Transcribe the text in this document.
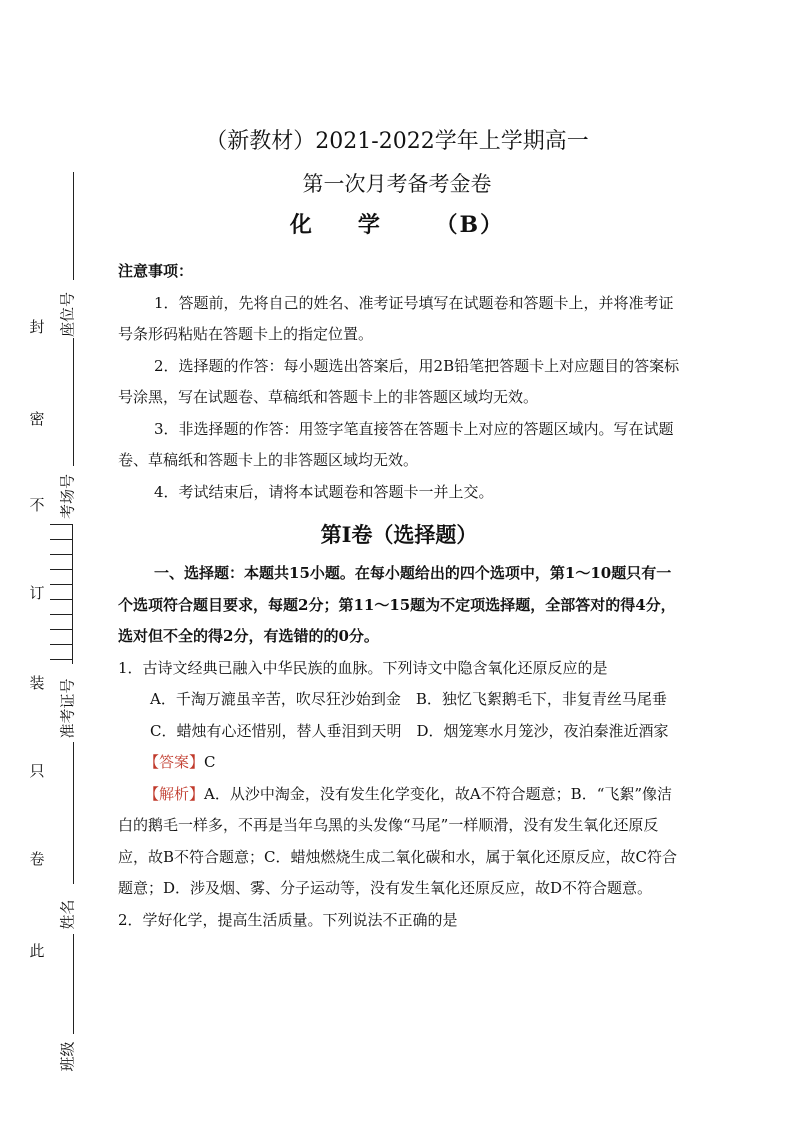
座位号
考场号
准考证号
姓名
班级
封
密
不
订
装
只
卷
此
（新教材）2021-2022学年上学期高一
第一次月考备考金卷
化 学 （B）

注意事项：

1．答题前，先将自己的姓名、准考证号填写在试题卷和答题卡上，并将准考证号条形码粘贴在答题卡上的指定位置。

2．选择题的作答：每小题选出答案后，用2B铅笔把答题卡上对应题目的答案标号涂黑，写在试题卷、草稿纸和答题卡上的非答题区域均无效。

3．非选择题的作答：用签字笔直接答在答题卡上对应的答题区域内。写在试题卷、草稿纸和答题卡上的非答题区域均无效。

4．考试结束后，请将本试题卷和答题卡一并上交。

第Ⅰ卷（选择题）

一、选择题：本题共15小题。在每小题给出的四个选项中，第1～10题只有一个选项符合题目要求，每题2分；第11～15题为不定项选择题，全部答对的得4分，选对但不全的得2分，有选错的的0分。

1．古诗文经典已融入中华民族的血脉。下列诗文中隐含氧化还原反应的是

A．千淘万漉虽辛苦，吹尽狂沙始到金　B．独忆飞絮鹅毛下，非复青丝马尾垂

C．蜡烛有心还惜别，替人垂泪到天明　D．烟笼寒水月笼沙，夜泊秦淮近酒家

【答案】C

【解析】A．从沙中淘金，没有发生化学变化，故A不符合题意；B．“飞絮”像洁白的鹅毛一样多，不再是当年乌黑的头发像“马尾”一样顺滑，没有发生氧化还原反应，故B不符合题意；C．蜡烛燃烧生成二氧化碳和水，属于氧化还原反应，故C符合题意；D．涉及烟、雾、分子运动等，没有发生氧化还原反应，故D不符合题意。

2．学好化学，提高生活质量。下列说法不正确的是
